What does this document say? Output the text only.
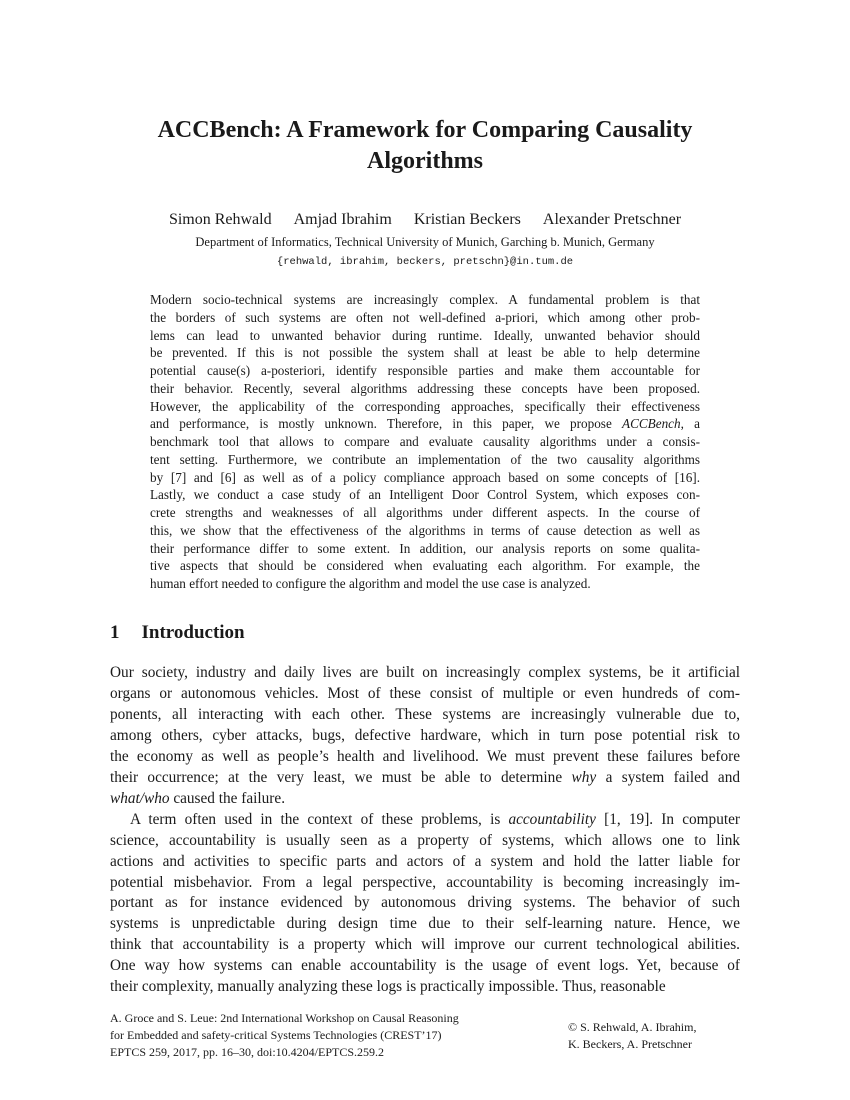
ACCBench: A Framework for Comparing Causality
Algorithms
Simon Rehwald Amjad Ibrahim Kristian Beckers Alexander Pretschner
Department of Informatics, Technical University of Munich, Garching b. Munich, Germany
{rehwald, ibrahim, beckers, pretschn}@in.tum.de
Modern socio-technical systems are increasingly complex. A fundamental problem is that
the borders of such systems are often not well-defined a-priori, which among other prob-
lems can lead to unwanted behavior during runtime. Ideally, unwanted behavior should
be prevented. If this is not possible the system shall at least be able to help determine
potential cause(s) a-posteriori, identify responsible parties and make them accountable for
their behavior. Recently, several algorithms addressing these concepts have been proposed.
However, the applicability of the corresponding approaches, specifically their effectiveness
and performance, is mostly unknown. Therefore, in this paper, we propose ACCBench, a
benchmark tool that allows to compare and evaluate causality algorithms under a consis-
tent setting. Furthermore, we contribute an implementation of the two causality algorithms
by [7] and [6] as well as of a policy compliance approach based on some concepts of [16].
Lastly, we conduct a case study of an Intelligent Door Control System, which exposes con-
crete strengths and weaknesses of all algorithms under different aspects. In the course of
this, we show that the effectiveness of the algorithms in terms of cause detection as well as
their performance differ to some extent. In addition, our analysis reports on some qualita-
tive aspects that should be considered when evaluating each algorithm. For example, the
human effort needed to configure the algorithm and model the use case is analyzed.
1 Introduction
Our society, industry and daily lives are built on increasingly complex systems, be it artificial
organs or autonomous vehicles. Most of these consist of multiple or even hundreds of com-
ponents, all interacting with each other. These systems are increasingly vulnerable due to,
among others, cyber attacks, bugs, defective hardware, which in turn pose potential risk to
the economy as well as people’s health and livelihood. We must prevent these failures before
their occurrence; at the very least, we must be able to determine why a system failed and
what/who caused the failure.
A term often used in the context of these problems, is accountability [1, 19]. In computer
science, accountability is usually seen as a property of systems, which allows one to link
actions and activities to specific parts and actors of a system and hold the latter liable for
potential misbehavior. From a legal perspective, accountability is becoming increasingly im-
portant as for instance evidenced by autonomous driving systems. The behavior of such
systems is unpredictable during design time due to their self-learning nature. Hence, we
think that accountability is a property which will improve our current technological abilities.
One way how systems can enable accountability is the usage of event logs. Yet, because of
their complexity, manually analyzing these logs is practically impossible. Thus, reasonable
A. Groce and S. Leue: 2nd International Workshop on Causal Reasoning
for Embedded and safety-critical Systems Technologies (CREST’17)
EPTCS 259, 2017, pp. 16–30, doi:10.4204/EPTCS.259.2
© S. Rehwald, A. Ibrahim,
K. Beckers, A. Pretschner
